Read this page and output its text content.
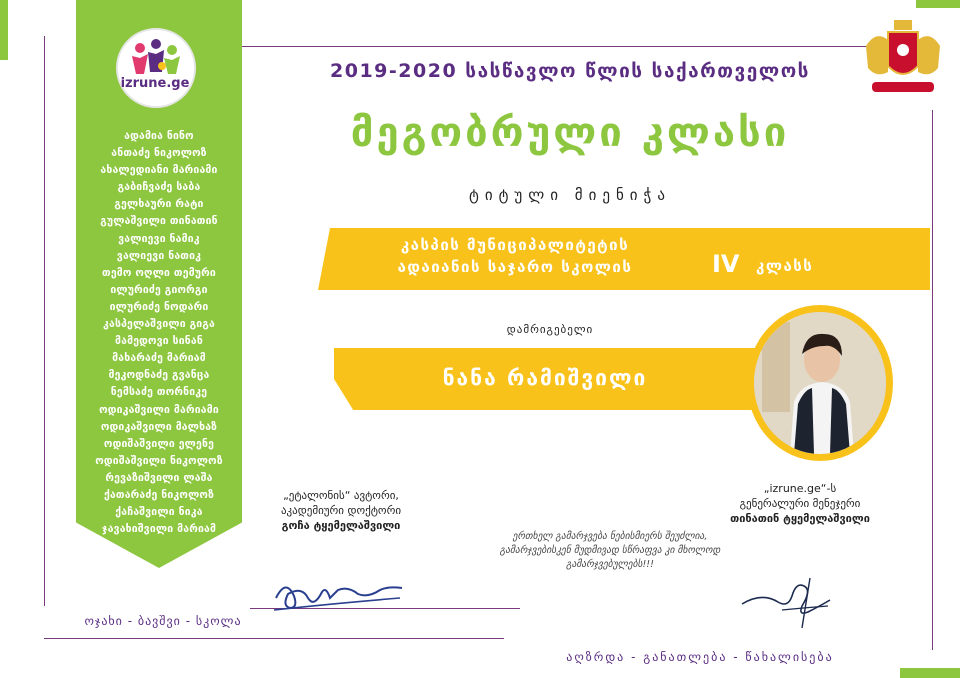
izrune.ge
ადამია ნინო
ანთაძე ნიკოლოზ
ახალედიანი მარიამი
გაბიჩვაძე საბა
გელხაური რატი
გულაშვილი თინათინ
ვალიევი ნამიკ
ვალიევი ნათიკ
თემო ოღლი თემური
ილურიძე გიორგი
ილურიძე ნოდარი
კასპელაშვილი გიგა
მამედოვი სინან
მახარაძე მარიამ
მეკოდნაძე გვანცა
ნემსაძე თორნიკე
ოდიკაშვილი მარიამი
ოდიკაშვილი მალხაზ
ოდიშაშვილი ელენე
ოდიშაშვილი ნიკოლოზ
რევაზიშვილი ლაშა
ქათარაძე ნიკოლოზ
ქაჩაშვილი ნიკა
ჯავახიშვილი მარიამ
ოჯახი - ბავშვი - სკოლა
2019-2020 სასწავლო წლის საქართველოს
მეგობრული კლასი
ტიტული მიენიჭა
კასპის მუნიციპალიტეტის
ადაიანის საჯარო სკოლის	IV კლასს
დამრიგებელი
ნანა რამიშვილი
„ეტალონის“ ავტორი,
აკადემიური დოქტორი
გოჩა ტყემელაშვილი
„izrune.ge“-ს
გენერალური მენეჯერი
თინათინ ტყემელაშვილი
ერთხელ გამარჯვება ნებისმიერს შეუძლია,
გამარჯვებისკენ მუდმივად სწრაფვა კი მხოლოდ გამარჯვებულებს!!!
აღზრდა - განათლება - წახალისება
